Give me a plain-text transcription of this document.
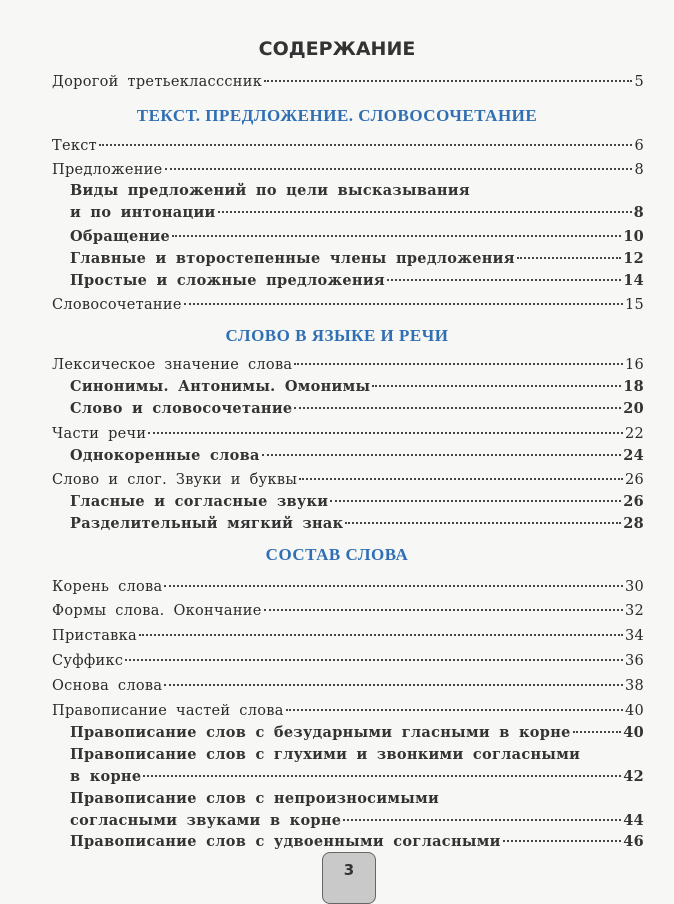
СОДЕРЖАНИЕ
Дорогой третьекласссник	5
ТЕКСТ. ПРЕДЛОЖЕНИЕ. СЛОВОСОЧЕТАНИЕ
Текст	6
Предложение	8
Виды предложений по цели высказывания
и по интонации	8
Обращение	10
Главные и второстепенные члены предложения	12
Простые и сложные предложения	14
Словосочетание	15
Лексическое значение слова	16
Синонимы. Антонимы. Омонимы	18
Слово и словосочетание	20
Части речи	22
Однокоренные слова	24
Слово и слог. Звуки и буквы	26
Гласные и согласные звуки	26
Разделительный мягкий знак	28
Корень слова	30
Формы слова. Окончание	32
Приставка	34
Суффикс	36
Основа слова	38
Правописание частей слова	40
Правописание слов с безударными гласными в корне	40
Правописание слов с глухими и звонкими согласными
в корне	42
Правописание слов с непроизносимыми
согласными звуками в корне	44
Правописание слов с удвоенными согласными	46
СЛОВО В ЯЗЫКЕ И РЕЧИ
СОСТАВ СЛОВА
3
